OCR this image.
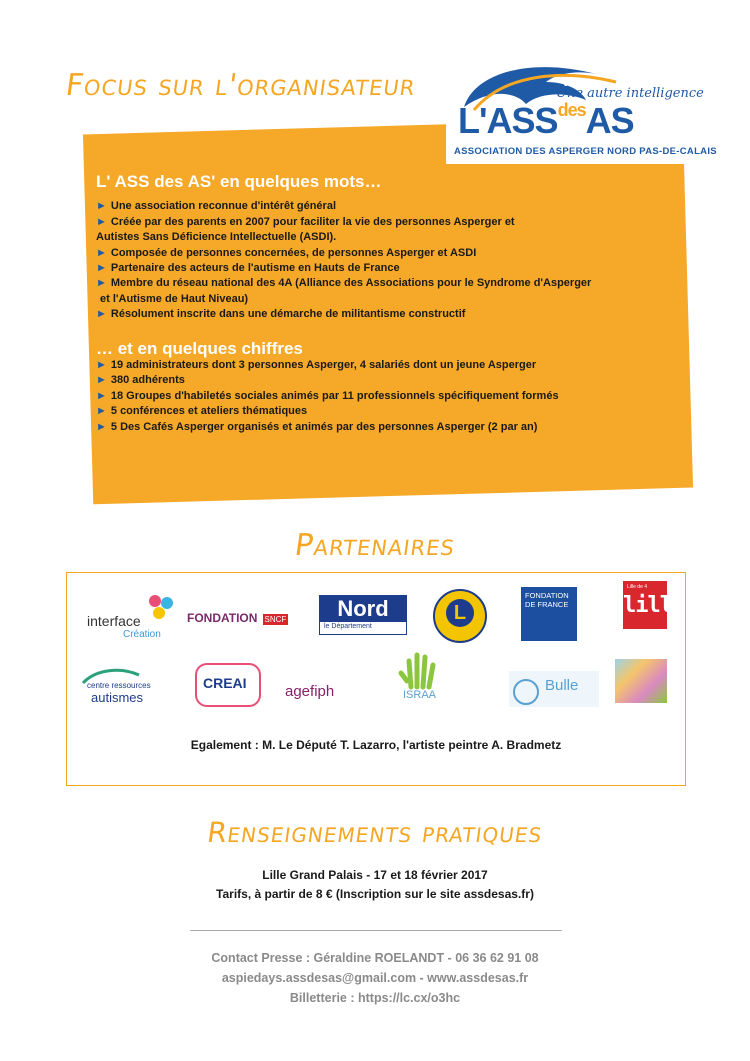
Focus sur l'organisateur	Une autre intelligence
$L'ASS^{des}AS$
ASSOCIATION DES ASPERGER NORD PAS-DE-CALAIS
L' ASS des AS' en quelques mots…
► Une association reconnue d'intérêt général
► Créée par des parents en 2007 pour faciliter la vie des personnes Asperger et
Autistes Sans Déficience Intellectuelle (ASDI).
► Composée de personnes concernées, de personnes Asperger et ASDI
► Partenaire des acteurs de l'autisme en Hauts de France
► Membre du réseau national des 4A (Alliance des Associations pour le Syndrome d'Asperger
et l'Autisme de Haut Niveau)
► Résolument inscrite dans une démarche de militantisme constructif
… et en quelques chiffres
► 19 administrateurs dont 3 personnes Asperger, 4 salariés dont un jeune Asperger
► 380 adhérents
► 18 Groupes d'habiletés sociales animés par 11 professionnels spécifiquement formés
► 5 conférences et ateliers thématiques
► 5 Des Cafés Asperger organisés et animés par des personnes Asperger (2 par an)
Partenaires
interface
Création
FONDATION SNCF	Nord
le Département
L
FONDATION DE FRANCE
Lille de 4
lille
centre ressources
autismes
CREAI	agefiph	ISRAA
Bulle
Egalement : M. Le Député T. Lazarro, l'artiste peintre A. Bradmetz
Renseignements pratiques
Lille Grand Palais - 17 et 18 février 2017
Tarifs, à partir de 8 € (Inscription sur le site assdesas.fr)
Contact Presse : Géraldine ROELANDT - 06 36 62 91 08
aspiedays.assdesas@gmail.com - www.assdesas.fr
Billetterie : https://lc.cx/o3hc
